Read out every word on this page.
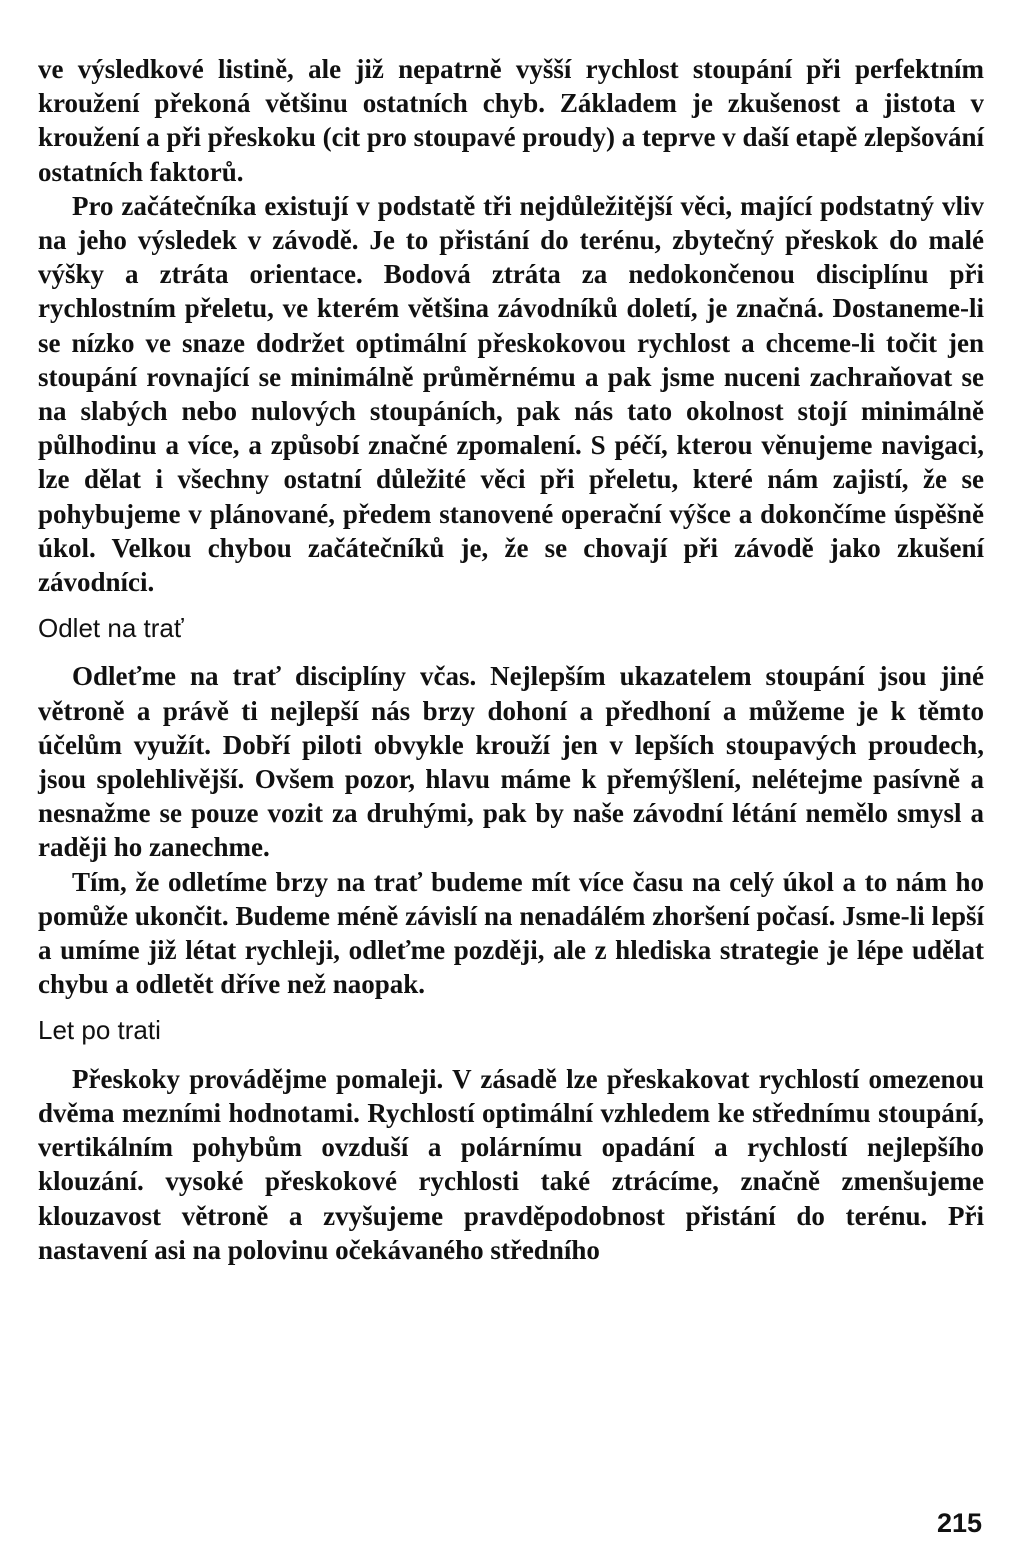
ve výsledkové listině, ale již nepatrně vyšší rychlost stoupání při perfektním kroužení překoná většinu ostatních chyb. Základem je zkušenost a jistota v kroužení a při přeskoku (cit pro stoupavé proudy) a teprve v daší etapě zlepšování ostatních faktorů.

Pro začátečníka existují v podstatě tři nejdůležitější věci, mající podstatný vliv na jeho výsledek v závodě. Je to přistání do terénu, zbytečný přeskok do malé výšky a ztráta orientace. Bodová ztráta za nedokončenou disciplínu při rychlostním přeletu, ve kterém většina závodníků doletí, je značná. Dostaneme-li se nízko ve snaze dodržet optimální přeskokovou rychlost a chceme-li točit jen stoupání rovnající se minimálně průměrnému a pak jsme nuceni zachraňovat se na slabých nebo nulových stoupáních, pak nás tato okolnost stojí minimálně půlhodinu a více, a způsobí značné zpomalení. S péčí, kterou věnujeme navigaci, lze dělat i všechny ostatní důležité věci při přeletu, které nám zajistí, že se pohybujeme v plánované, předem stanovené operační výšce a dokončíme úspěšně úkol. Velkou chybou začátečníků je, že se chovají při závodě jako zkušení závodníci.

Odlet na trať

Odleťme na trať disciplíny včas. Nejlepším ukazatelem stoupání jsou jiné větroně a právě ti nejlepší nás brzy dohoní a předhoní a můžeme je k těmto účelům využít. Dobří piloti obvykle krouží jen v lepších stoupavých proudech, jsou spolehlivější. Ovšem pozor, hlavu máme k přemýšlení, nelétejme pasívně a nesnažme se pouze vozit za druhými, pak by naše závodní létání nemělo smysl a raději ho zanechme.

Tím, že odletíme brzy na trať budeme mít více času na celý úkol a to nám ho pomůže ukončit. Budeme méně závislí na nenadálém zhoršení počasí. Jsme-li lepší a umíme již létat rychleji, odleťme později, ale z hlediska strategie je lépe udělat chybu a odletět dříve než naopak.

Let po trati

Přeskoky provádějme pomaleji. V zásadě lze přeskakovat rychlostí omezenou dvěma mezními hodnotami. Rychlostí optimální vzhledem ke střednímu stoupání, vertikálním pohybům ovzduší a polárnímu opadání a rychlostí nejlepšího klouzání. vysoké přeskokové rychlosti také ztrácíme, značně zmenšujeme klouzavost větroně a zvyšujeme pravděpodobnost přistání do terénu. Při nastavení asi na polovinu očekávaného středního

215
